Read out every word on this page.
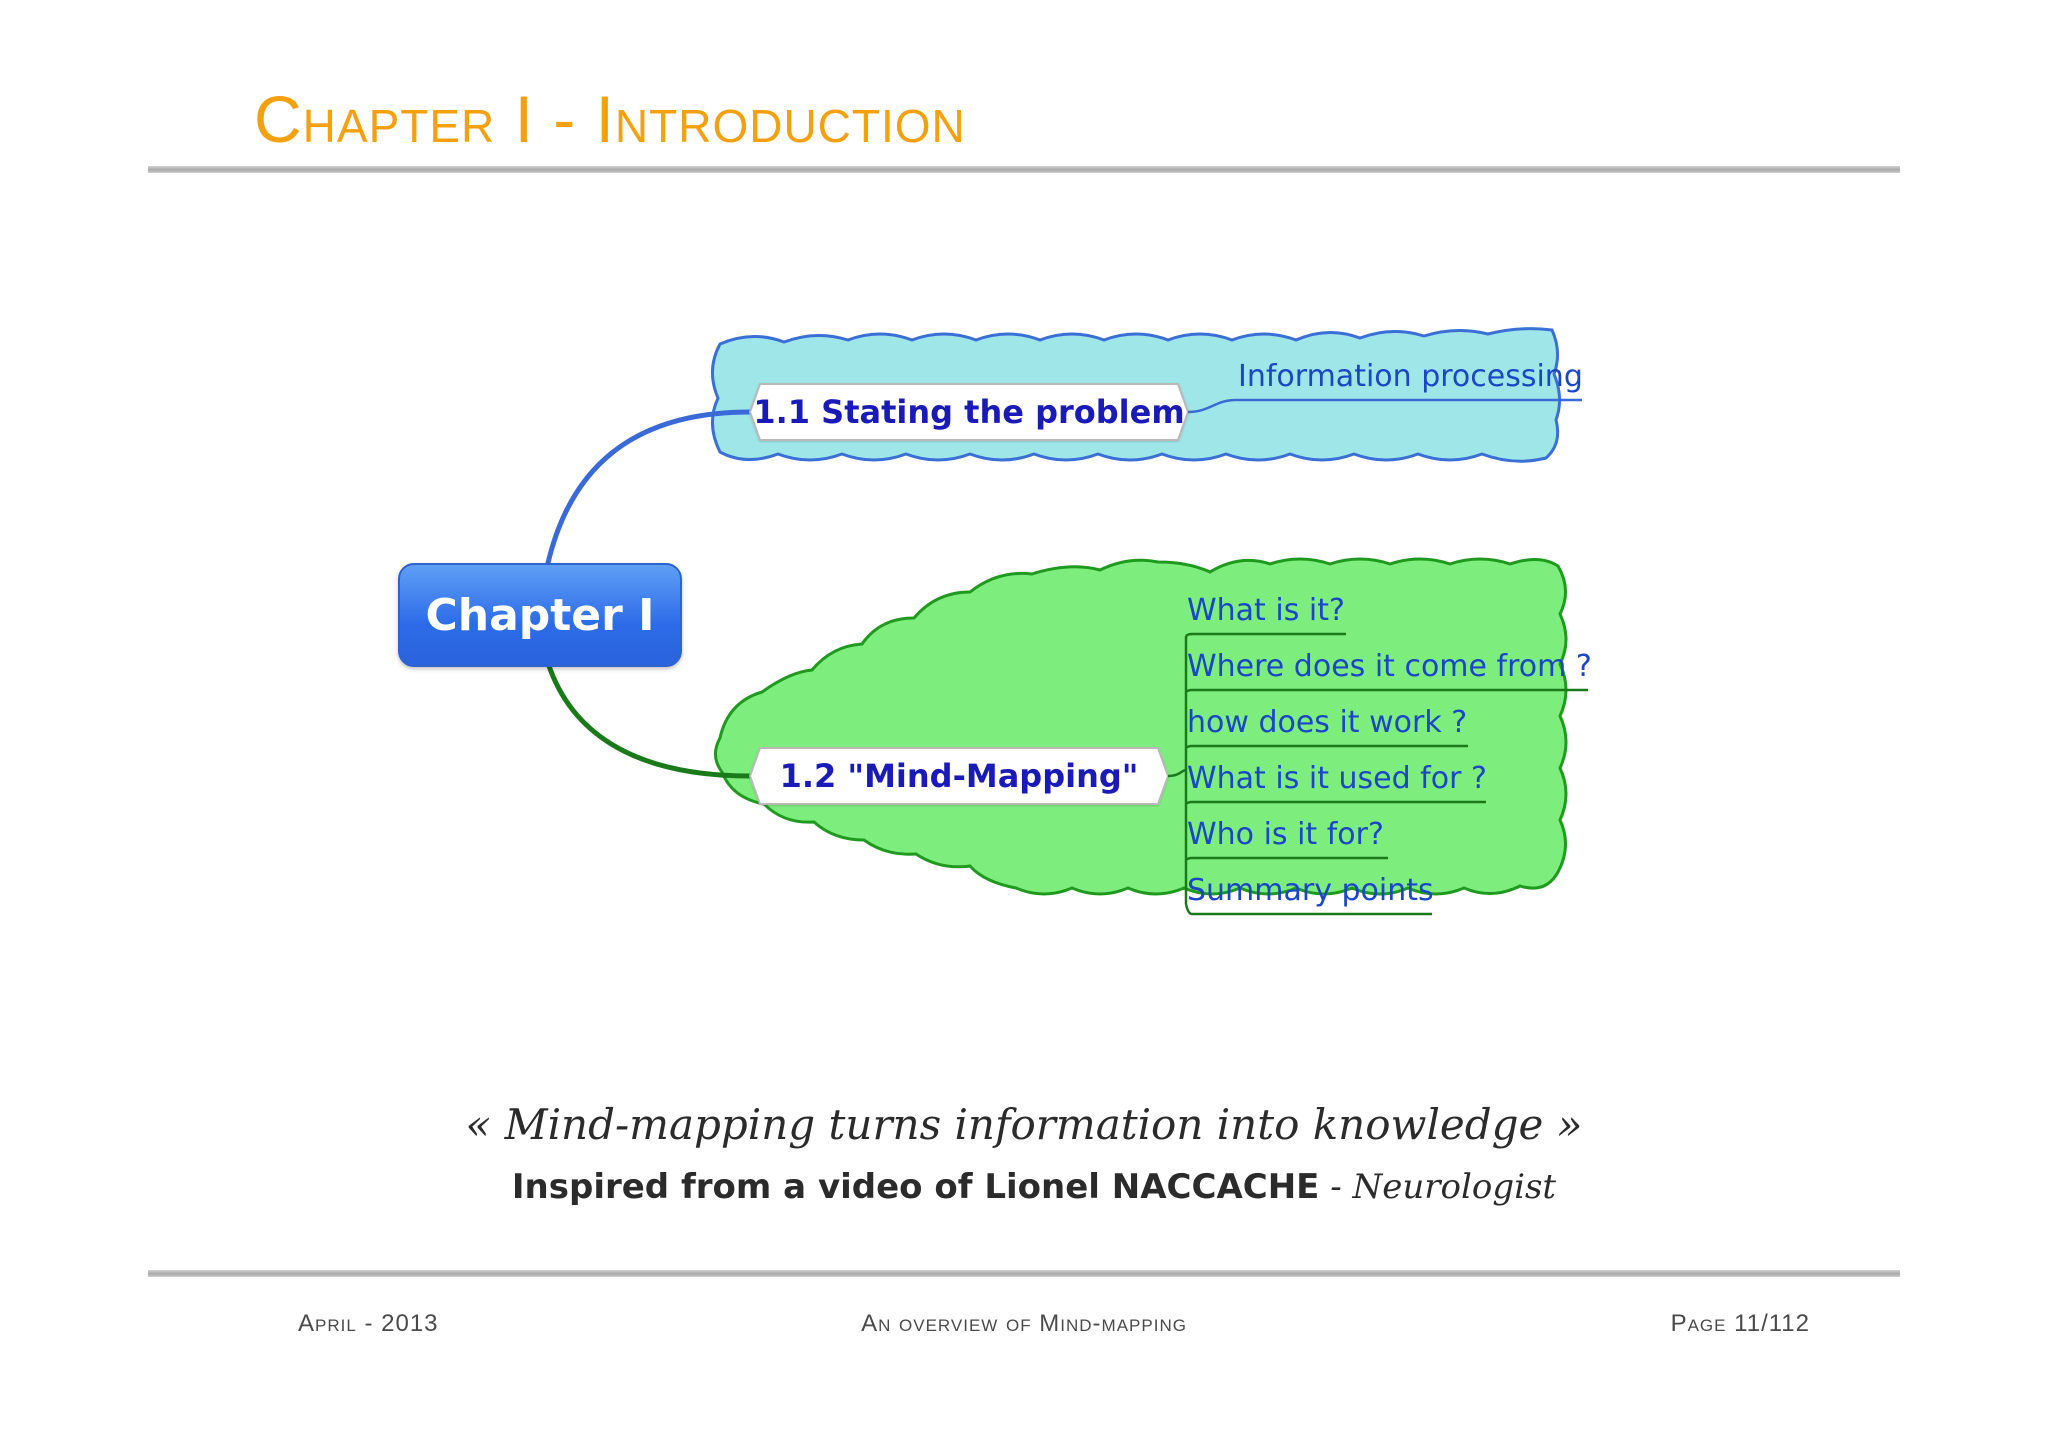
Chapter I - Introduction
Chapter I
1.1 Stating the problem
1.2 "Mind-Mapping"
Information processing
What is it?
Where does it come from ?
how does it work ?
What is it used for ?
Who is it for?
Summary points
« Mind-mapping turns information into knowledge »
Inspired from a video of Lionel NACCACHE - Neurologist
April - 2013	An overview of Mind-mapping	Page 11/112
